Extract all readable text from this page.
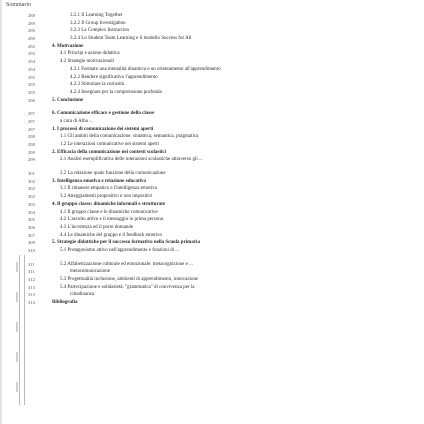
Sommario
288	3.2.1 Il Learning Together
289	3.2.2 Il Group Investigation
290	3.2.3 La Complex Instruction
290	3.2.4 Lo Student Team Learning e il modello Success for All
292	4. Motivazione
293	4.1 Principi e azione didattica
294	4.2 Strategie motivazionali
294	4.2.1 Formare una mentalità dinamica e un orientamento all'apprendimento
295	4.2.2 Rendere significativo l'apprendimento
295	4.2.3 Stimolare la curiosità
295	4.2.4 Insegnare per la comprensione profonda
296	5. Conclusione
297	6. Comunicazione efficace e gestione della classe
297	a cura di Alba ...
297	1. I processi di comunicazione dei sistemi aperti
298	1.1 Gli ambiti della comunicazione: sintattica, semantica, pragmatica
298	1.2 Le interazioni comunicative nei sistemi aperti
299	2. Efficacia della comunicazione nei contesti scolastici
299	2.1 Analisi esemplificativa delle interazioni scolastiche attraverso gli ...
301	2.2 La relazione quale funzione della comunicazione
302	3. Intelligenza emotiva e relazione educativa
302	3.1 Il rimanere empatico e l'intelligenza emotiva
302	3.2 Atteggiamenti propositivi e non impositivi
303	4. Il gruppo classe: dinamiche informali e strutturate
304	4.1 Il gruppo classe e le dinamiche comunicative
305	4.2 L'ascolto attivo e il messaggio in prima persona
306	4.3 L'incertezza ed il porre domande
307	4.4 Le dinamiche del gruppo e il feedback emotivo
309	5. Strategie didattiche per il successo formativo nella Scuola primaria
310	5.1 Protagonismo attivo nell'apprendimento e funzioni di ...
311	5.2 Alfabetizzazione culturale ed emozionale: metacognizione e ...
311	metacomunicazione
312	5.3 Progettualità inclusione, ambienti di apprendimento, innovazione
313	5.4 Partecipazione e solidarietà: "grammatica" di convivenza per la
313	cittadinanza
314	Bibliografia
